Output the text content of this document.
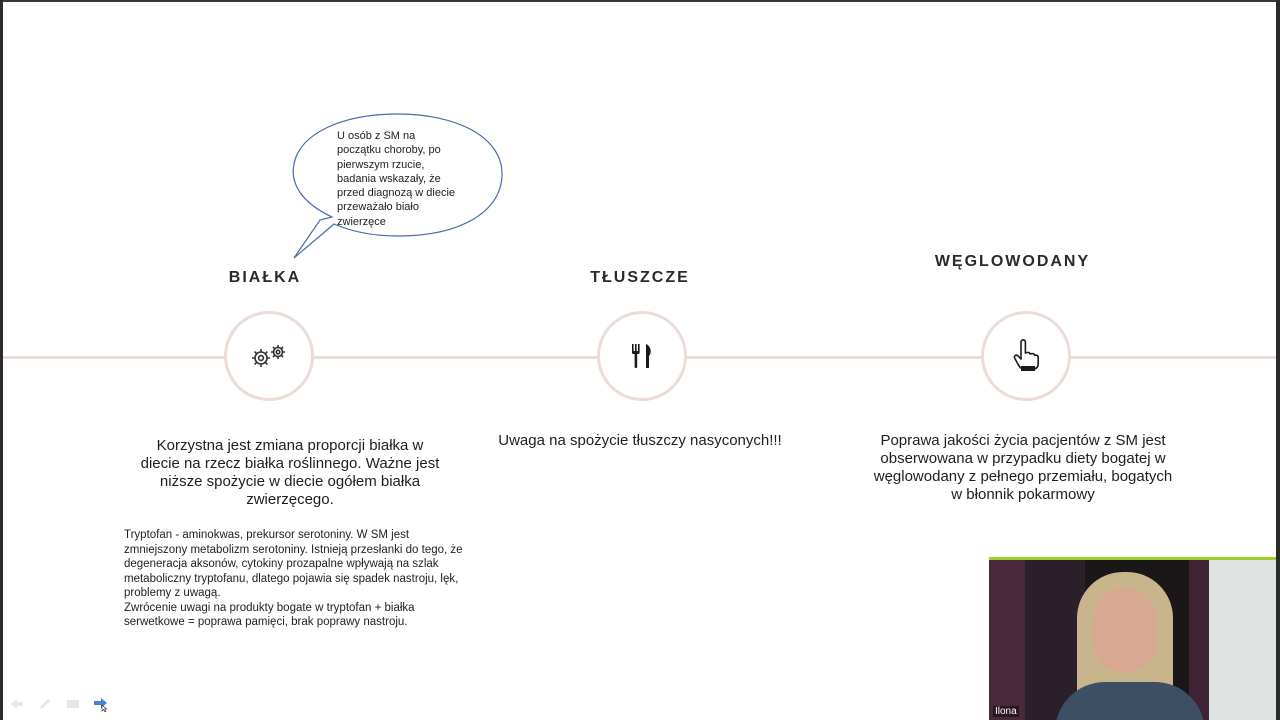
U osób z SM na początku choroby, po pierwszym rzucie, badania wskazały, że przed diagnozą w diecie przeważało biało zwierzęce
BIAŁKA	TŁUSZCZE
WĘGLOWODANY
Korzystna jest zmiana proporcji białka w diecie na rzecz białka roślinnego. Ważne jest niższe spożycie w diecie ogółem białka zwierzęcego.
Uwaga na spożycie tłuszczy nasyconych!!!	Poprawa jakości życia pacjentów z SM jest obserwowana w przypadku diety bogatej w węglowodany z pełnego przemiału, bogatych w błonnik pokarmowy
Tryptofan - aminokwas, prekursor serotoniny. W SM jest zmniejszony metabolizm serotoniny. Istnieją przesłanki do tego, że degeneracja aksonów, cytokiny prozapalne wpływają na szlak metaboliczny tryptofanu, dlatego pojawia się spadek nastroju, lęk, problemy z uwagą.
Zwrócenie uwagi na produkty bogate w tryptofan + białka serwetkowe = poprawa pamięci, brak poprawy nastroju.
Ilona
